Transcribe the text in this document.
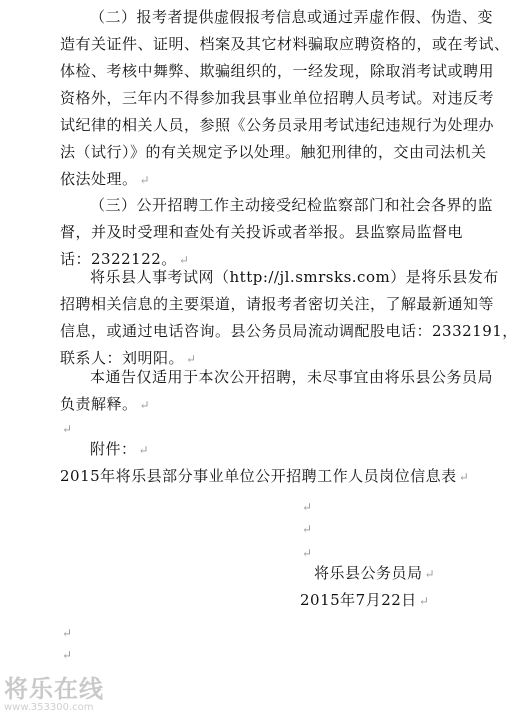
（二）报考者提供虚假报考信息或通过弄虚作假、伪造、变
造有关证件、证明、档案及其它材料骗取应聘资格的，或在考试、
体检、考核中舞弊、欺骗组织的，一经发现，除取消考试或聘用
资格外，三年内不得参加我县事业单位招聘人员考试。对违反考
试纪律的相关人员，参照《公务员录用考试违纪违规行为处理办
法（试行）》的有关规定予以处理。触犯刑律的，交由司法机关
依法处理。 ↵
（三）公开招聘工作主动接受纪检监察部门和社会各界的监
督，并及时受理和查处有关投诉或者举报。县监察局监督电
话：2322122。 ↵
将乐县人事考试网（http://jl.smrsks.com）是将乐县发布
招聘相关信息的主要渠道，请报考者密切关注，了解最新通知等
信息，或通过电话咨询。县公务员局流动调配股电话：2332191，
联系人：刘明阳。 ↵
本通告仅适用于本次公开招聘，未尽事宜由将乐县公务员局
负责解释。 ↵
↵
附件： ↵
2015年将乐县部分事业单位公开招聘工作人员岗位信息表 ↵
↵
↵
↵
将乐县公务员局 ↵
2015年7月22日 ↵
↵
↵
将乐在线
www.353300.com
